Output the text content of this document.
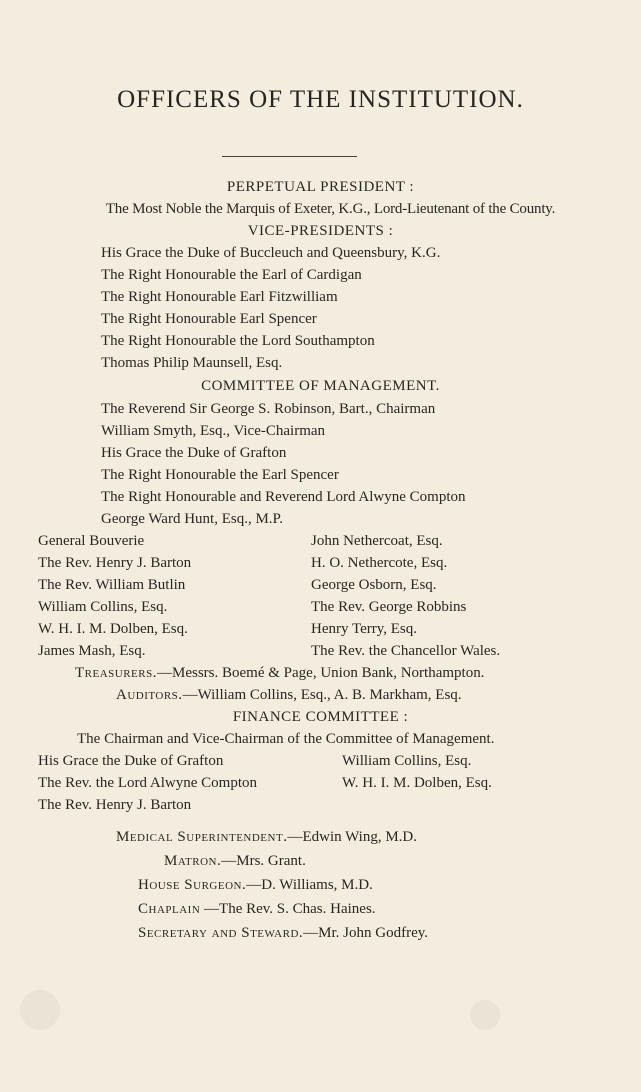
OFFICERS OF THE INSTITUTION.
PERPETUAL PRESIDENT :
The Most Noble the Marquis of Exeter, K.G., Lord-Lieutenant of the County.
VICE-PRESIDENTS :
His Grace the Duke of Buccleuch and Queensbury, K.G.
The Right Honourable the Earl of Cardigan
The Right Honourable Earl Fitzwilliam
The Right Honourable Earl Spencer
The Right Honourable the Lord Southampton
Thomas Philip Maunsell, Esq.
COMMITTEE OF MANAGEMENT.
The Reverend Sir George S. Robinson, Bart., Chairman
William Smyth, Esq., Vice-Chairman
His Grace the Duke of Grafton
The Right Honourable the Earl Spencer
The Right Honourable and Reverend Lord Alwyne Compton
George Ward Hunt, Esq., M.P.
General Bouverie
The Rev. Henry J. Barton
The Rev. William Butlin
William Collins, Esq.
W. H. I. M. Dolben, Esq.
James Mash, Esq.
John Nethercoat, Esq.
H. O. Nethercote, Esq.
George Osborn, Esq.
The Rev. George Robbins
Henry Terry, Esq.
The Rev. the Chancellor Wales.
Treasurers.—Messrs. Boemé & Page, Union Bank, Northampton.
Auditors.—William Collins, Esq., A. B. Markham, Esq.
FINANCE COMMITTEE :
The Chairman and Vice-Chairman of the Committee of Management.
His Grace the Duke of Grafton
The Rev. the Lord Alwyne Compton
The Rev. Henry J. Barton
William Collins, Esq.
W. H. I. M. Dolben, Esq.
Medical Superintendent.—Edwin Wing, M.D.
Matron.—Mrs. Grant.
House Surgeon.—D. Williams, M.D.
Chaplain —The Rev. S. Chas. Haines.
Secretary and Steward.—Mr. John Godfrey.
